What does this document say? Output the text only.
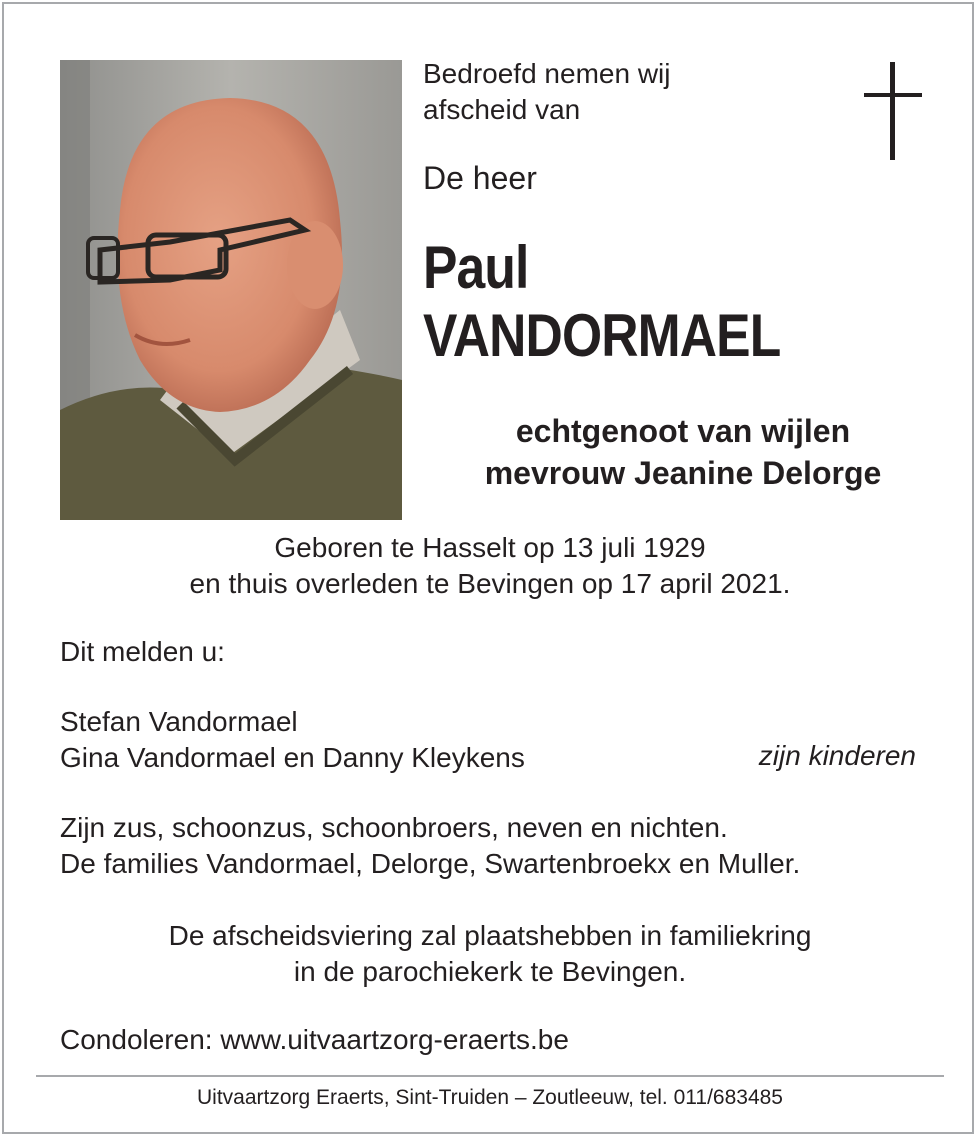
Bedroefd nemen wij
afscheid van
De heer
Paul
VANDORMAEL
echtgenoot van wijlen
mevrouw Jeanine Delorge
Geboren te Hasselt op 13 juli 1929
en thuis overleden te Bevingen op 17 april 2021.
Dit melden u:
Stefan Vandormael
Gina Vandormael en Danny Kleykens	zijn kinderen
Zijn zus, schoonzus, schoonbroers, neven en nichten.
De families Vandormael, Delorge, Swartenbroekx en Muller.
De afscheidsviering zal plaatshebben in familiekring
in de parochiekerk te Bevingen.
Condoleren: www.uitvaartzorg-eraerts.be
Uitvaartzorg Eraerts, Sint-Truiden – Zoutleeuw, tel. 011/683485
